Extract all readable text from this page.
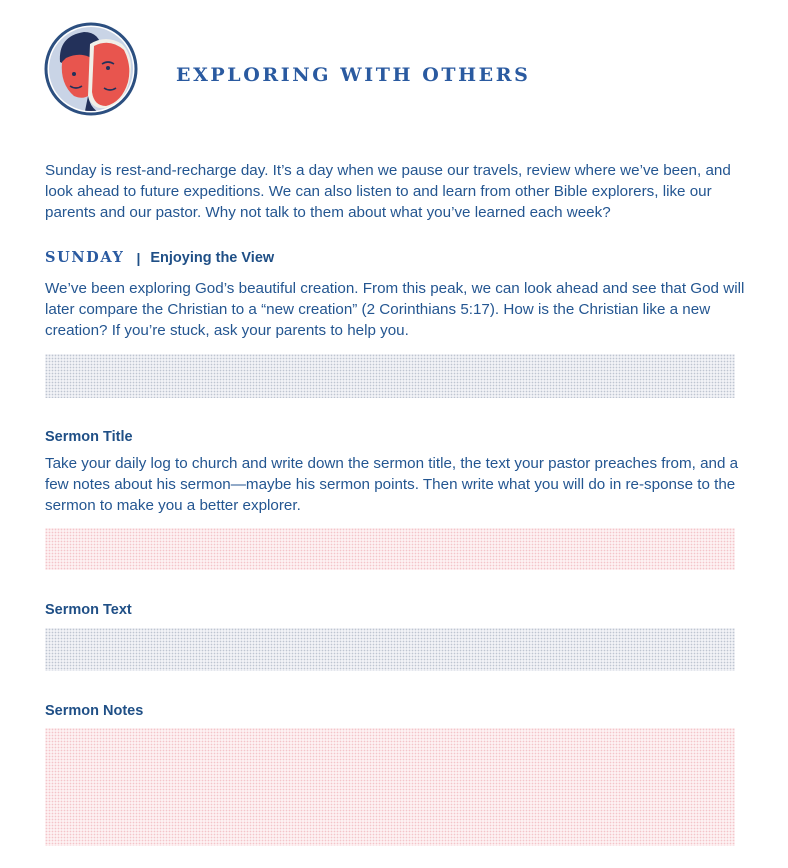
EXPLORING WITH OTHERS

Sunday is rest-and-recharge day. It’s a day when we pause our travels, review where we’ve been, and look ahead to future expeditions. We can also listen to and learn from other Bible explorers, like our parents and our pastor. Why not talk to them about what you’ve learned each week?

SUNDAY | Enjoying the View

We’ve been exploring God’s beautiful creation. From this peak, we can look ahead and see that God will later compare the Christian to a “new creation” (2 Corinthians 5:17). How is the Christian like a new creation? If you’re stuck, ask your parents to help you.

Sermon Title

Take your daily log to church and write down the sermon title, the text your pastor preaches from, and a few notes about his sermon—maybe his sermon points. Then write what you will do in re-sponse to the sermon to make you a better explorer.

Sermon Text
Sermon Notes
